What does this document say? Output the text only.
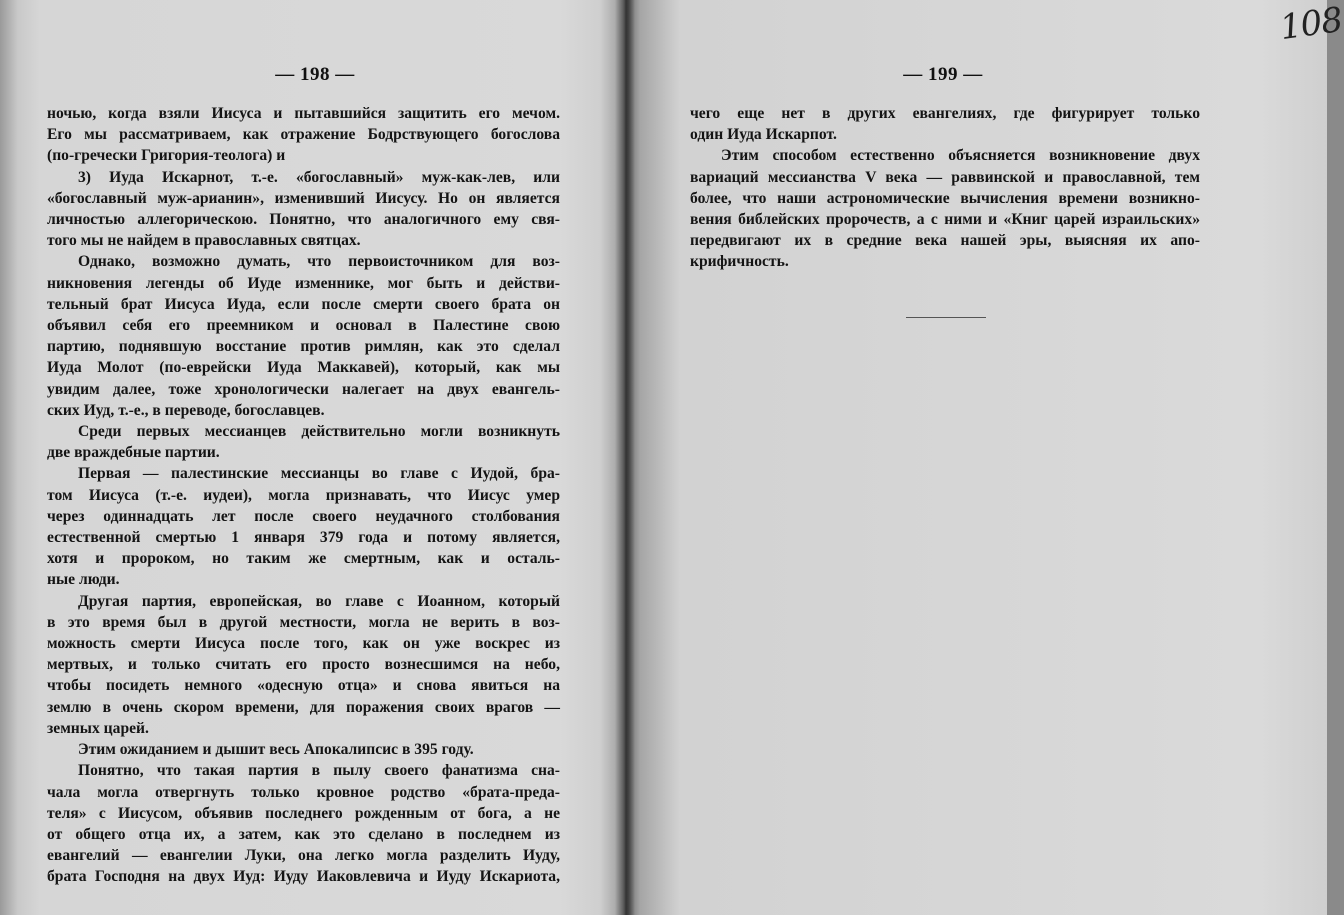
— 198 —
ночью, когда взяли Иисуса и пытавшийся защитить его мечом.
Его мы рассматриваем, как отражение Бодрствующего богослова
(по-гречески Григория-теолога) и
3) Иуда Искарнот, т.-е. «богославный» муж-как-лев, или
«богославный муж-арианин», изменивший Иисусу. Но он является
личностью аллегорическою. Понятно, что аналогичного ему свя-
того мы не найдем в православных святцах.
Однако, возможно думать, что первоисточником для воз-
никновения легенды об Иуде изменнике, мог быть и действи-
тельный брат Иисуса Иуда, если после смерти своего брата он
объявил себя его преемником и основал в Палестине свою
партию, поднявшую восстание против римлян, как это сделал
Иуда Молот (по-еврейски Иуда Маккавей), который, как мы
увидим далее, тоже хронологически налегает на двух евангель-
ских Иуд, т.-е., в переводе, богославцев.
Среди первых мессианцев действительно могли возникнуть
две враждебные партии.
Первая — палестинские мессианцы во главе с Иудой, бра-
том Иисуса (т.-е. иудеи), могла признавать, что Иисус умер
через одиннадцать лет после своего неудачного столбования
естественной смертью 1 января 379 года и потому является,
хотя и пророком, но таким же смертным, как и осталь-
ные люди.
Другая партия, европейская, во главе с Иоанном, который
в это время был в другой местности, могла не верить в воз-
можность смерти Иисуса после того, как он уже воскрес из
мертвых, и только считать его просто вознесшимся на небо,
чтобы посидеть немного «одесную отца» и снова явиться на
землю в очень скором времени, для поражения своих врагов —
земных царей.
Этим ожиданием и дышит весь Апокалипсис в 395 году.
Понятно, что такая партия в пылу своего фанатизма сна-
чала могла отвергнуть только кровное родство «брата-преда-
теля» с Иисусом, объявив последнего рожденным от бога, а не
от общего отца их, а затем, как это сделано в последнем из
евангелий — евангелии Луки, она легко могла разделить Иуду,
брата Господня на двух Иуд: Иуду Иаковлевича и Иуду Искариота,
108
— 199 —
чего еще нет в других евангелиях, где фигурирует только
один Иуда Искарпот.
Этим способом естественно объясняется возникновение двух
вариаций мессианства V века — раввинской и православной, тем
более, что наши астрономические вычисления времени возникно-
вения библейских пророчеств, а с ними и «Книг царей израильских»
передвигают их в средние века нашей эры, выясняя их апо-
крифичность.
